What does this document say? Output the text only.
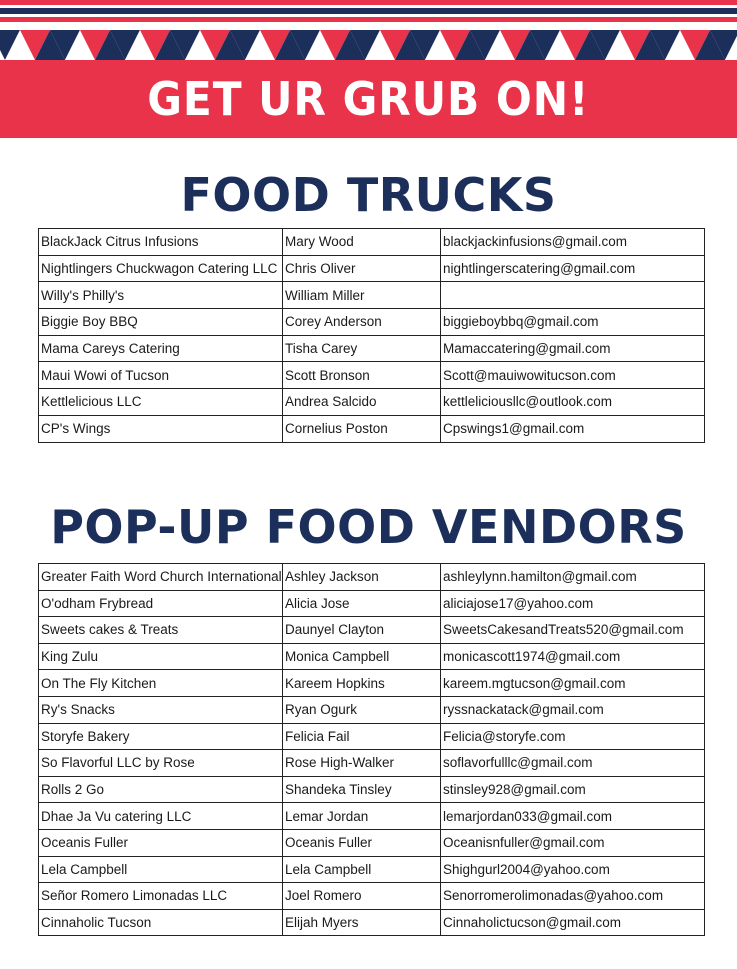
GET UR GRUB ON!
FOOD TRUCKS
BlackJack Citrus Infusions	Mary Wood	blackjackinfusions@gmail.com
Nightlingers Chuckwagon Catering LLC	Chris Oliver	nightlingerscatering@gmail.com
Willy's Philly's	William Miller	
Biggie Boy BBQ	Corey Anderson	biggieboybbq@gmail.com
Mama Careys Catering	Tisha Carey	Mamaccatering@gmail.com
Maui Wowi of Tucson	Scott Bronson	Scott@mauiwowitucson.com
Kettlelicious LLC	Andrea Salcido	kettleliciousllc@outlook.com
CP's Wings	Cornelius Poston	Cpswings1@gmail.com
POP-UP FOOD VENDORS
Greater Faith Word Church International	Ashley Jackson	ashleylynn.hamilton@gmail.com
O'odham Frybread	Alicia Jose	aliciajose17@yahoo.com
Sweets cakes & Treats	Daunyel Clayton	SweetsCakesandTreats520@gmail.com
King Zulu	Monica Campbell	monicascott1974@gmail.com
On The Fly Kitchen	Kareem Hopkins	kareem.mgtucson@gmail.com
Ry's Snacks	Ryan Ogurk	ryssnackatack@gmail.com
Storyfe Bakery	Felicia Fail	Felicia@storyfe.com
So Flavorful LLC by Rose	Rose High-Walker	soflavorfulllc@gmail.com
Rolls 2 Go	Shandeka Tinsley	stinsley928@gmail.com
Dhae Ja Vu catering LLC	Lemar Jordan	lemarjordan033@gmail.com
Oceanis Fuller	Oceanis Fuller	Oceanisnfuller@gmail.com
Lela Campbell	Lela Campbell	Shighgurl2004@yahoo.com
Señor Romero Limonadas LLC	Joel Romero	Senorromerolimonadas@yahoo.com
Cinnaholic Tucson	Elijah Myers	Cinnaholictucson@gmail.com
